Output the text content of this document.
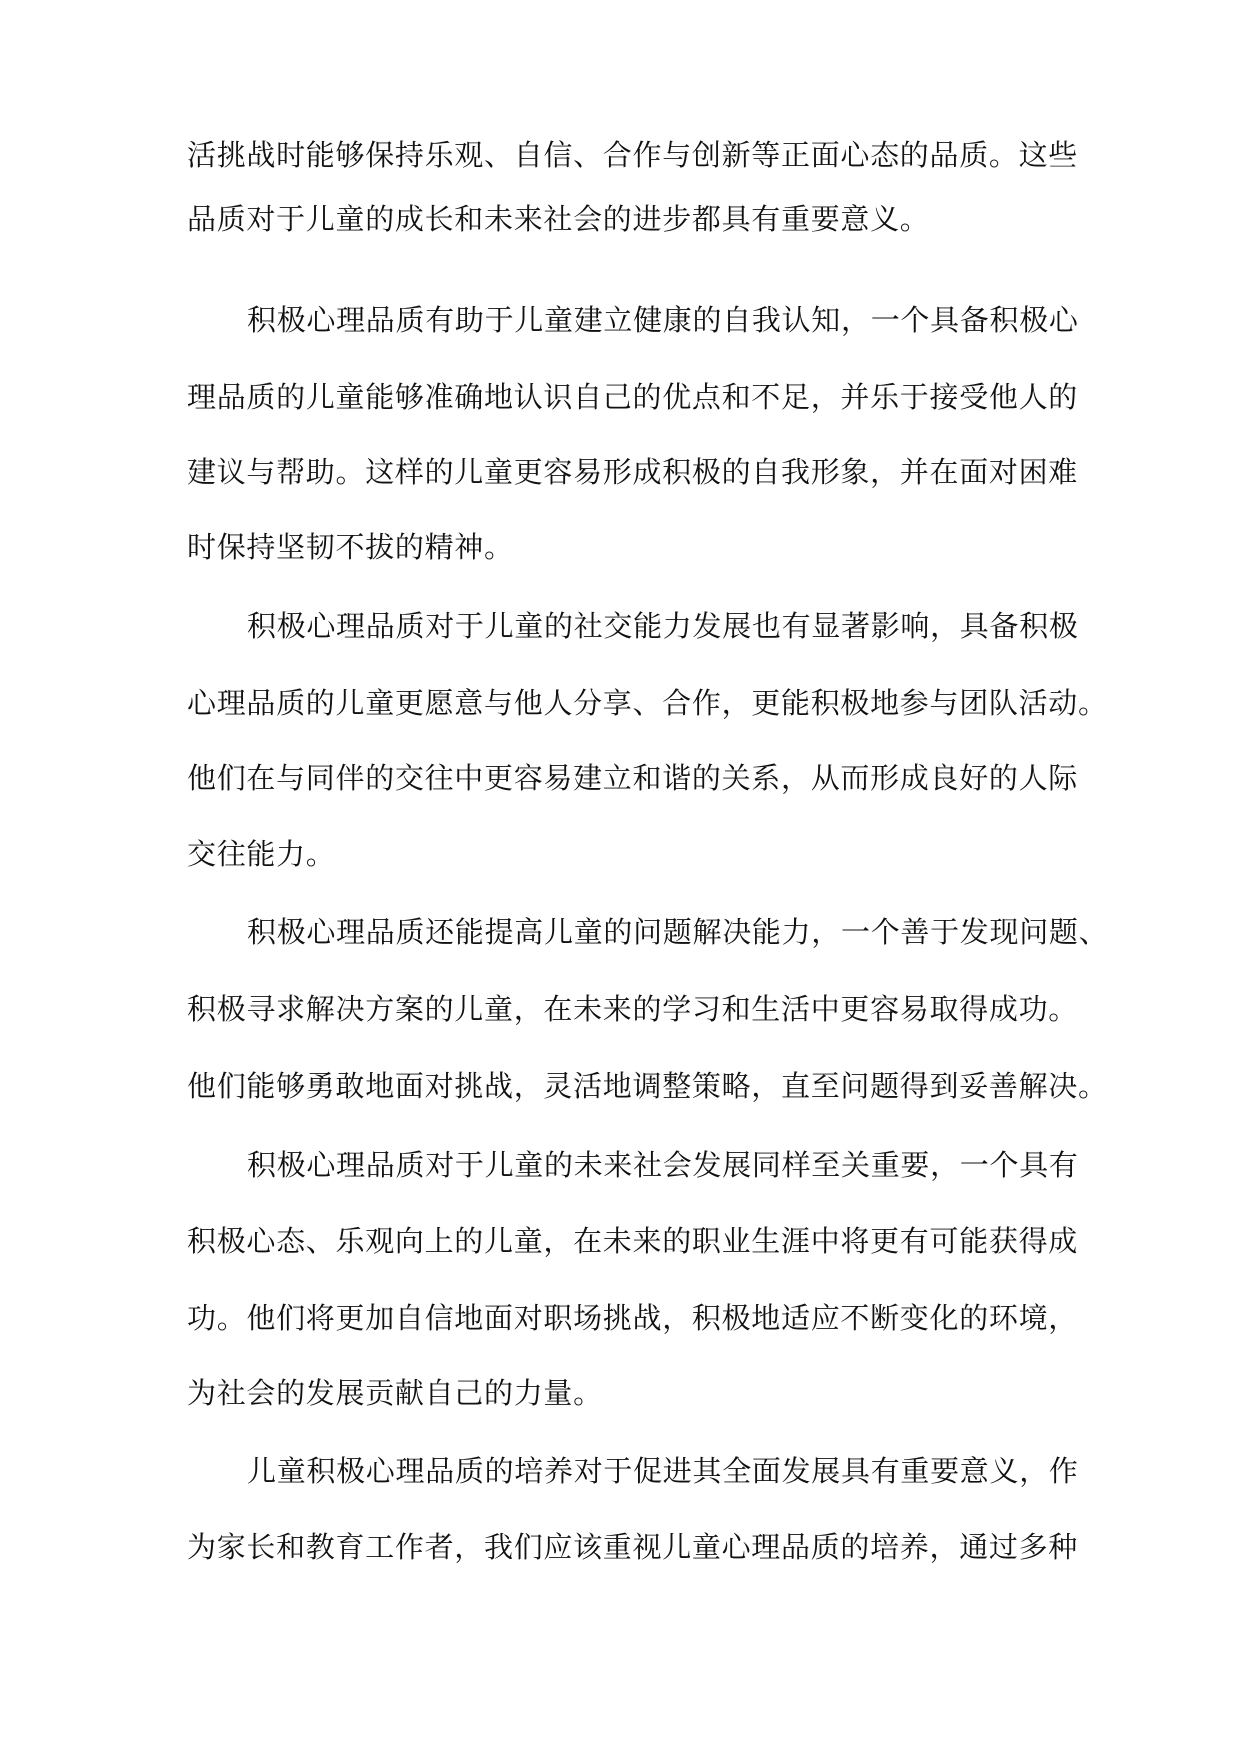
活挑战时能够保持乐观、自信、合作与创新等正面心态的品质。这些

品质对于儿童的成长和未来社会的进步都具有重要意义。

积极心理品质有助于儿童建立健康的自我认知，一个具备积极心

理品质的儿童能够准确地认识自己的优点和不足，并乐于接受他人的

建议与帮助。这样的儿童更容易形成积极的自我形象，并在面对困难

时保持坚韧不拔的精神。

积极心理品质对于儿童的社交能力发展也有显著影响，具备积极

心理品质的儿童更愿意与他人分享、合作，更能积极地参与团队活动。

他们在与同伴的交往中更容易建立和谐的关系，从而形成良好的人际

交往能力。

积极心理品质还能提高儿童的问题解决能力，一个善于发现问题、

积极寻求解决方案的儿童，在未来的学习和生活中更容易取得成功。

他们能够勇敢地面对挑战，灵活地调整策略，直至问题得到妥善解决。

积极心理品质对于儿童的未来社会发展同样至关重要，一个具有

积极心态、乐观向上的儿童，在未来的职业生涯中将更有可能获得成

功。他们将更加自信地面对职场挑战，积极地适应不断变化的环境，

为社会的发展贡献自己的力量。

儿童积极心理品质的培养对于促进其全面发展具有重要意义，作

为家长和教育工作者，我们应该重视儿童心理品质的培养，通过多种
